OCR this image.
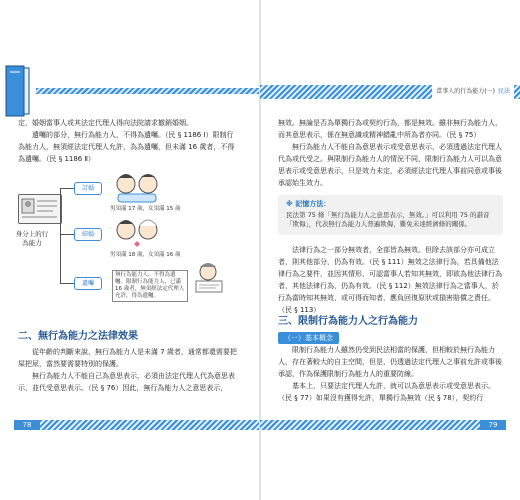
定，婚姻當事人或其法定代理人得向法院請求撤銷婚姻。

遺囑的部分，無行為能力人，不得為遺囑。（民 § 1186 Ⅰ）限制行為能力人，無須經法定代理人允許，為為遺囑，但未滿 16 歲者，不得為遺囑。（民 § 1186 Ⅱ）

身分上的行為能力
訂婚
男須滿 17 歲，女須滿 15 歲
結婚
男須滿 18 歲，女須滿 16 歲
遺囑
無行為能力人，不得為遺囑。限制行為能力人，已滿 16 歲者，無須經法定代理人允許，得為遺囑。
二、無行為能力之法律效果

從年齡的判斷來說，無行為能力人是未滿 7 歲者，通常都還需要把屎把尿，當然要需要特別的保護。

無行為能力人不能自己為意思表示，必須由法定代理人代為意思表示，並代受意思表示。（民 § 76）因此，無行為能力人之意思表示，

78
當事人的行為能力(一) 民法

無效。無論是否為單獨行為或契約行為，都是無效。雖非無行為能力人，而其意思表示，係在無意識或精神錯亂中所為者亦同。（民 § 75）

無行為能力人不能自為意思表示或受意思表示，必須透過法定代理人代為或代受之。與限制行為能力人的情況不同，限制行為能力人可以為意思表示或受意思表示，只是效力未定，必須經法定代理人事前同意或事後承認始生效力。

※ 記憶方法：
民法第 75 條「無行為能力人之意思表示，無效。」可以利用 75 的諧音「欺侮」，代表無行為能力人普遍欺侮，難免未達經濟條的關係。

法律行為之一部分無效者，全部皆為無效。但除去該部分亦可成立者，則其他部分，仍為有效。（民 § 111）無效之法律行為，若具備他法律行為之要件，並因其情形，可認當事人若知其無效，即欲為他法律行為者，其他法律行為，仍為有效。（民 § 112）無效法律行為之當事人，於行為當時知其無效，或可得而知者，應負回復原狀或損害賠償之責任。（民 § 113）

三、限制行為能力人之行為能力
（一）基本概念

限制行為能力人雖然仍受到民法相當的保護，但相較於無行為能力人，存在著較大的自主空間，但是，仍透過法定代理人之事前允許或事後承認，作為保護限制行為能力人的重要防線。

基本上，只要法定代理人允許，就可以為意思表示或受意思表示。（民 § 77）如果沒有獲得允許，單獨行為無效（民 § 78），契約行

79
